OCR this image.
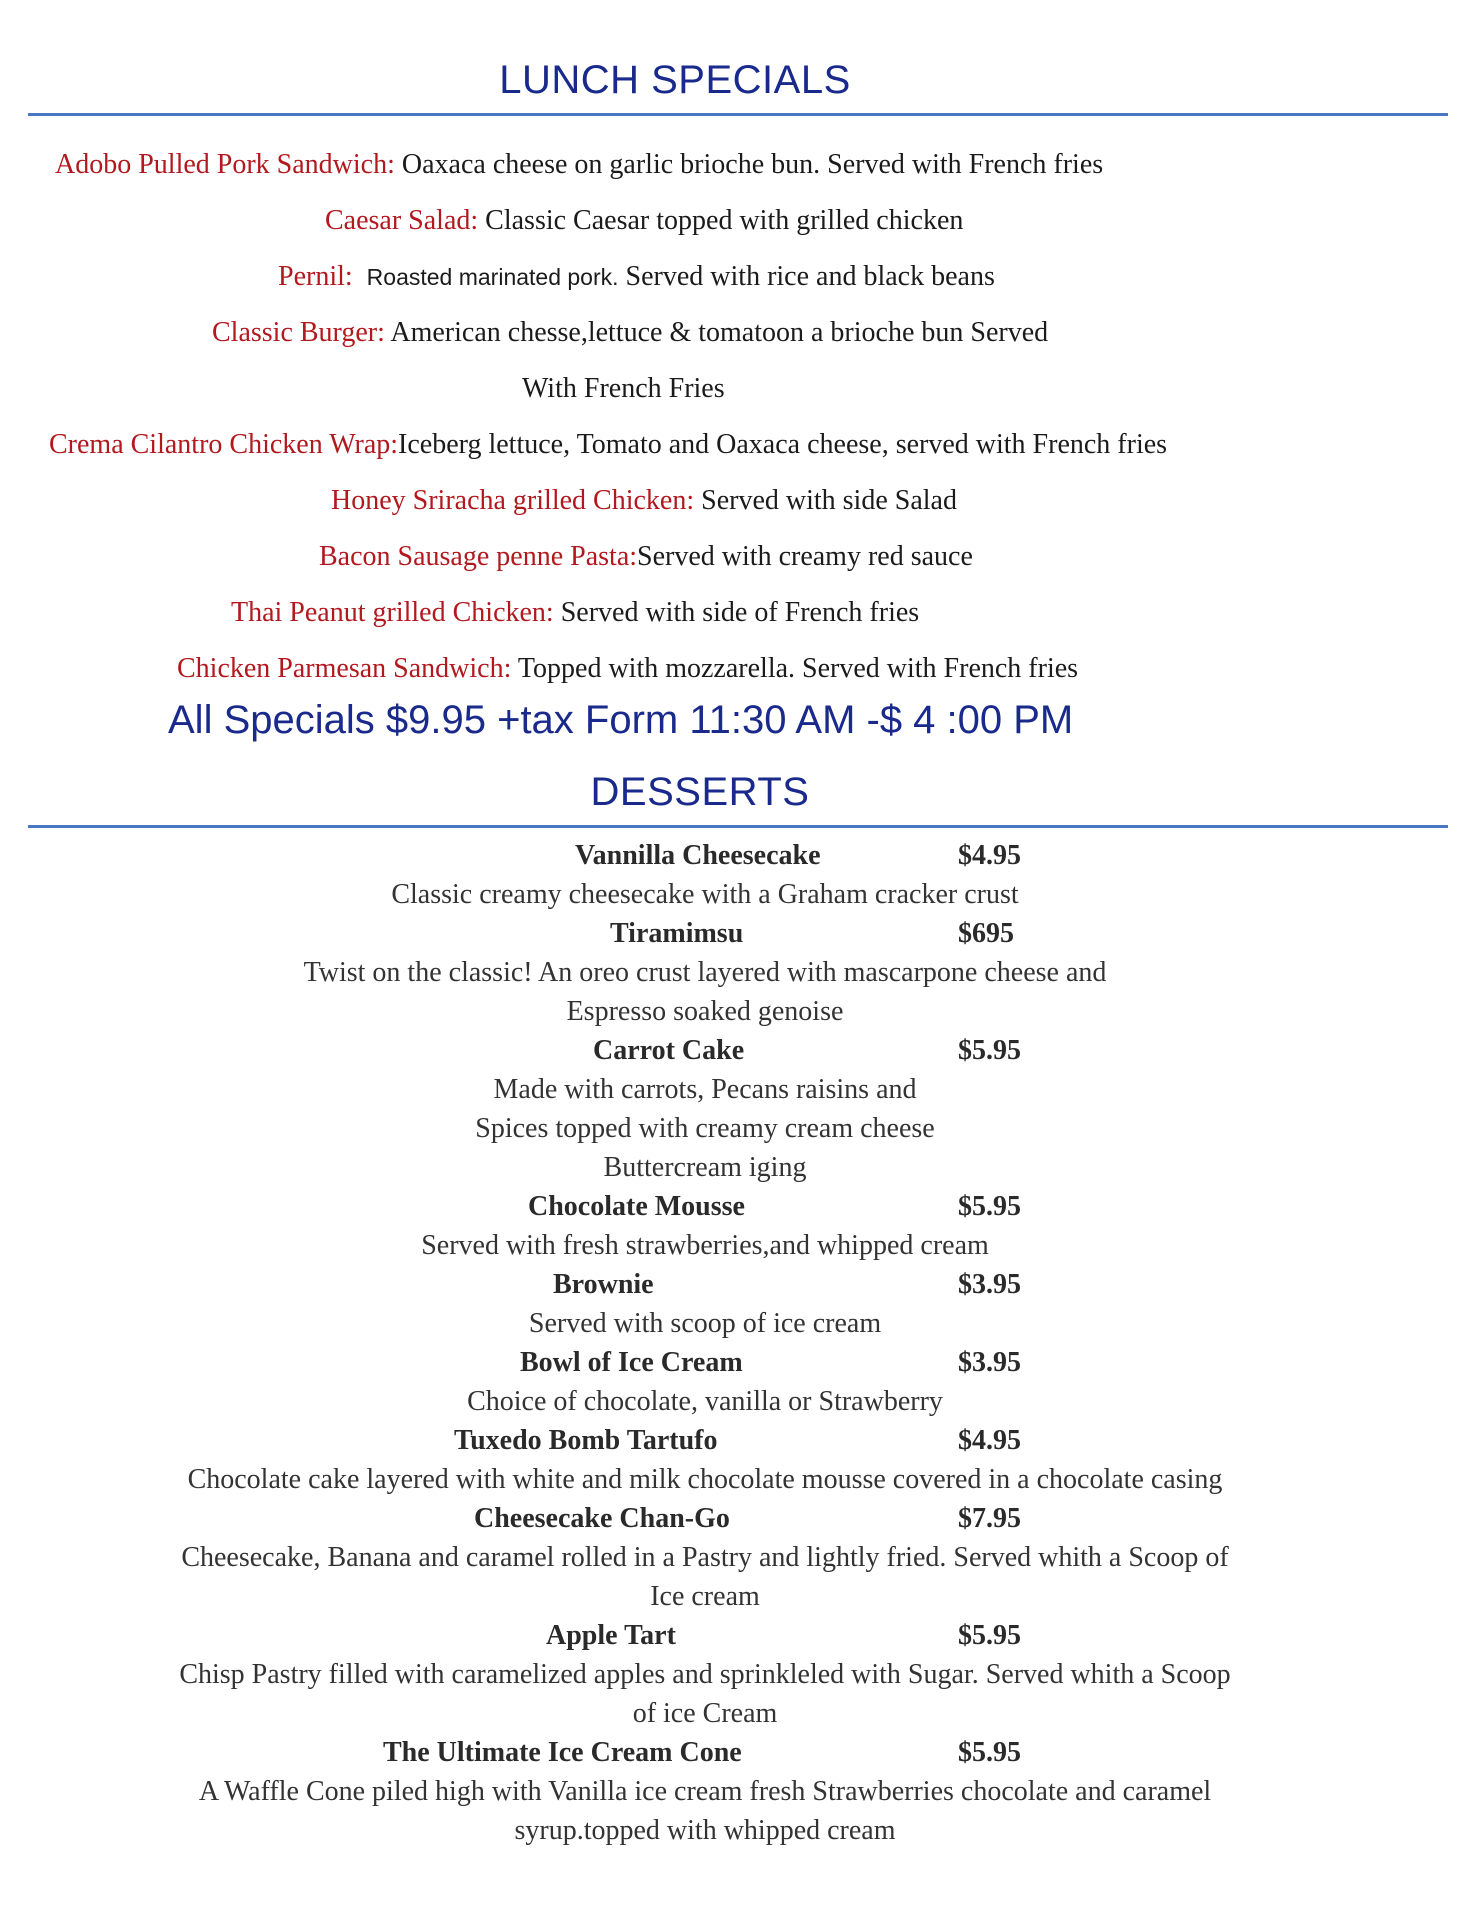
LUNCH SPECIALS
Adobo Pulled Pork Sandwich: Oaxaca cheese on garlic brioche bun. Served with French fries
Caesar Salad: Classic Caesar topped with grilled chicken
Pernil: Roasted marinated pork. Served with rice and black beans
Classic Burger: American chesse,lettuce & tomatoon a brioche bun Served
With French Fries
Crema Cilantro Chicken Wrap:Iceberg lettuce, Tomato and Oaxaca cheese, served with French fries
Honey Sriracha grilled Chicken: Served with side Salad
Bacon Sausage penne Pasta:Served with creamy red sauce
Thai Peanut grilled Chicken: Served with side of French fries
Chicken Parmesan Sandwich: Topped with mozzarella. Served with French fries
All Specials $9.95 +tax Form 11:30 AM -$ 4 :00 PM
DESSERTS
Vannilla Cheesecake	$4.95
Classic creamy cheesecake with a Graham cracker crust
Tiramimsu	$695
Twist on the classic! An oreo crust layered with mascarpone cheese and
Espresso soaked genoise
Carrot Cake	$5.95
Made with carrots, Pecans raisins and
Spices topped with creamy cream cheese
Buttercream iging
Chocolate Mousse	$5.95
Served with fresh strawberries,and whipped cream
Brownie	$3.95
Served with scoop of ice cream
Bowl of Ice Cream	$3.95
Choice of chocolate, vanilla or Strawberry
Tuxedo Bomb Tartufo	$4.95
Chocolate cake layered with white and milk chocolate mousse covered in a chocolate casing
Cheesecake Chan-Go	$7.95
Cheesecake, Banana and caramel rolled in a Pastry and lightly fried. Served whith a Scoop of
Ice cream
Apple Tart	$5.95
Chisp Pastry filled with caramelized apples and sprinkleled with Sugar. Served whith a Scoop
of ice Cream
The Ultimate Ice Cream Cone	$5.95
A Waffle Cone piled high with Vanilla ice cream fresh Strawberries chocolate and caramel
syrup.topped with whipped cream
